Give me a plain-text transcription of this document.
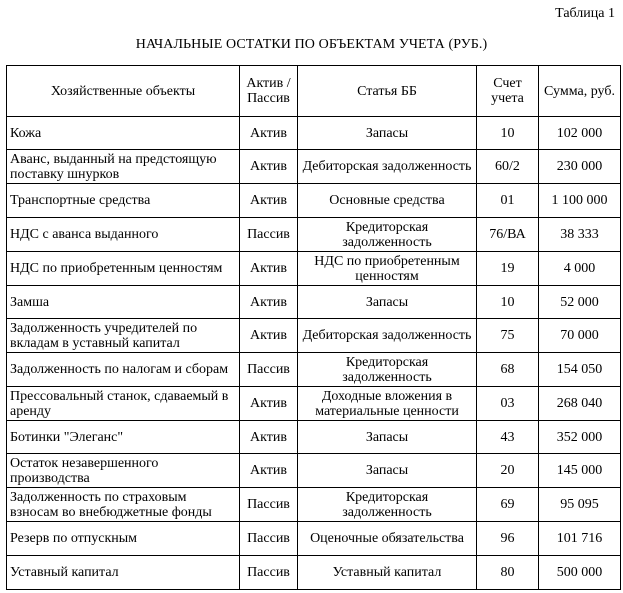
Таблица 1
НАЧАЛЬНЫЕ ОСТАТКИ ПО ОБЪЕКТАМ УЧЕТА (РУБ.)
Хозяйственные объекты	Актив / Пассив	Статья ББ	Счет учета	Сумма, руб.
Кожа	Актив	Запасы	10	102 000
Аванс, выданный на предстоящую поставку шнурков	Актив	Дебиторская задолженность	60/2	230 000
Транспортные средства	Актив	Основные средства	01	1 100 000
НДС с аванса выданного	Пассив	Кредиторская задолженность	76/ВА	38 333
НДС по приобретенным ценностям	Актив	НДС по приобретенным ценностям	19	4 000
Замша	Актив	Запасы	10	52 000
Задолженность учредителей по вкладам в уставный капитал	Актив	Дебиторская задолженность	75	70 000
Задолженность по налогам и сборам	Пассив	Кредиторская задолженность	68	154 050
Прессовальный станок, сдаваемый в аренду	Актив	Доходные вложения в материальные ценности	03	268 040
Ботинки "Элеганс"	Актив	Запасы	43	352 000
Остаток незавершенного производства	Актив	Запасы	20	145 000
Задолженность по страховым взносам во внебюджетные фонды	Пассив	Кредиторская задолженность	69	95 095
Резерв по отпускным	Пассив	Оценочные обязательства	96	101 716
Уставный капитал	Пассив	Уставный капитал	80	500 000
